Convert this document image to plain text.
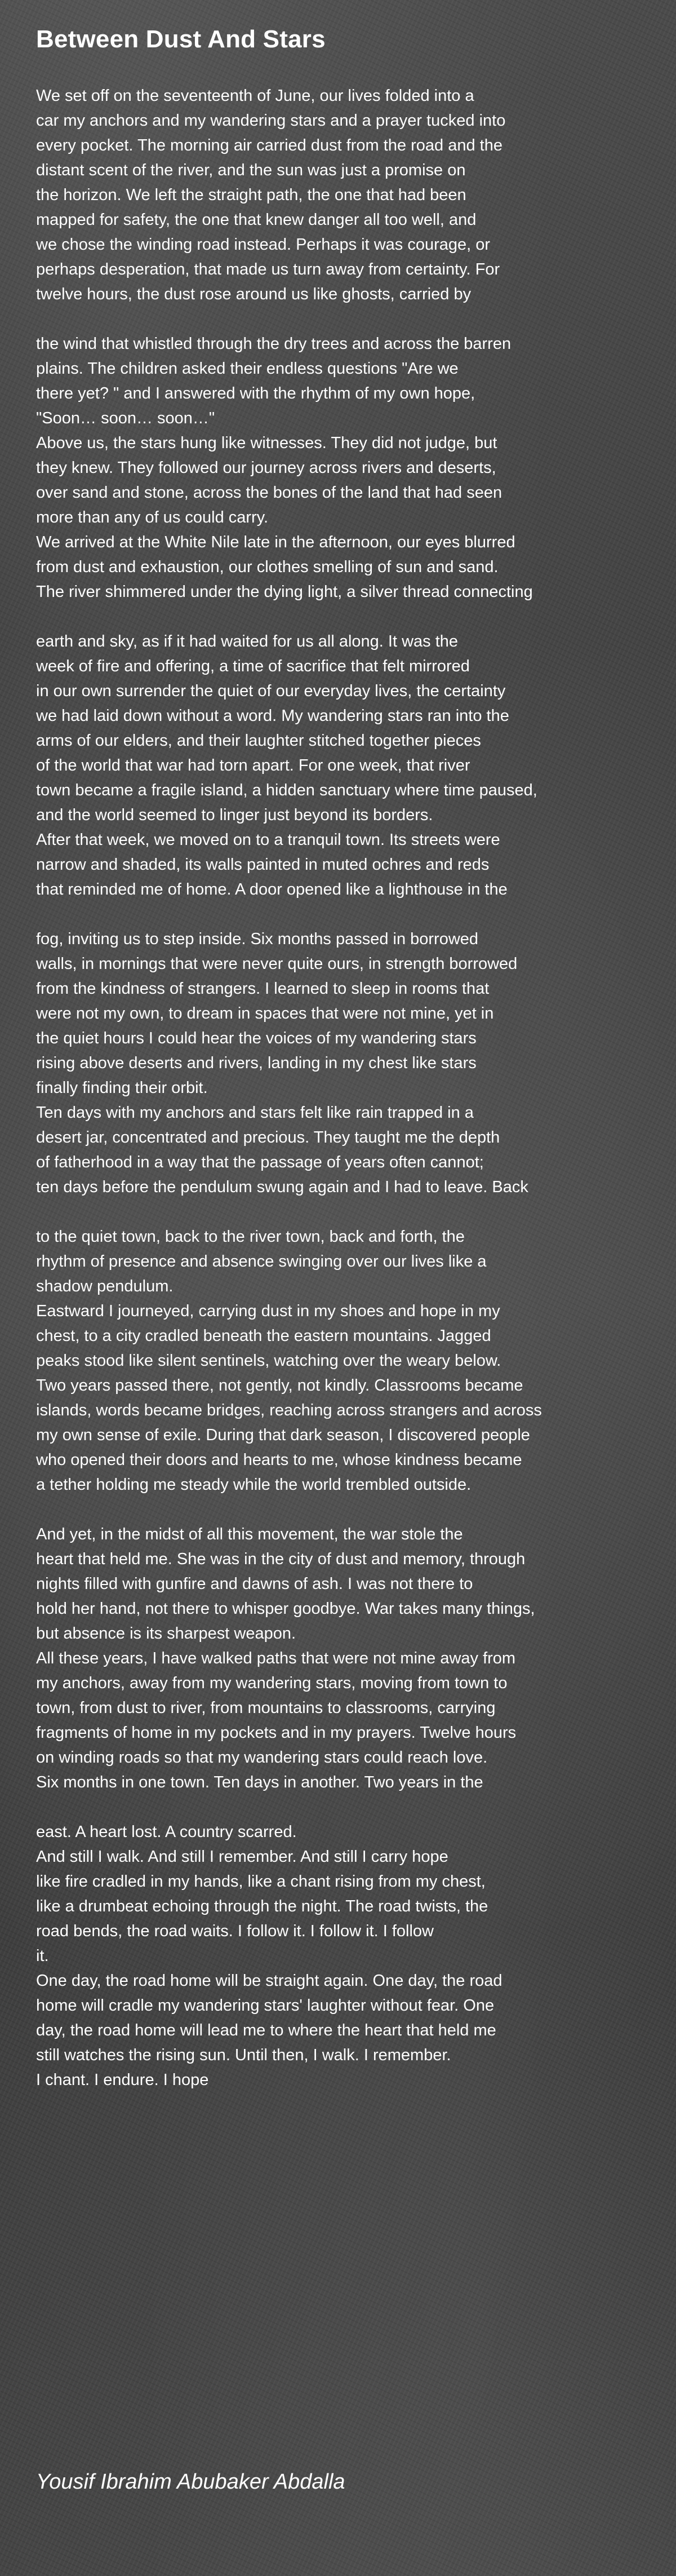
Between Dust And Stars
We set off on the seventeenth of June, our lives folded into a
car my anchors and my wandering stars and a prayer tucked into
every pocket. The morning air carried dust from the road and the
distant scent of the river, and the sun was just a promise on
the horizon. We left the straight path, the one that had been
mapped for safety, the one that knew danger all too well, and
we chose the winding road instead. Perhaps it was courage, or
perhaps desperation, that made us turn away from certainty. For
twelve hours, the dust rose around us like ghosts, carried by
the wind that whistled through the dry trees and across the barren
plains. The children asked their endless questions "Are we
there yet? " and I answered with the rhythm of my own hope,
"Soon… soon… soon…"
Above us, the stars hung like witnesses. They did not judge, but
they knew. They followed our journey across rivers and deserts,
over sand and stone, across the bones of the land that had seen
more than any of us could carry.
We arrived at the White Nile late in the afternoon, our eyes blurred
from dust and exhaustion, our clothes smelling of sun and sand.
The river shimmered under the dying light, a silver thread connecting
earth and sky, as if it had waited for us all along. It was the
week of fire and offering, a time of sacrifice that felt mirrored
in our own surrender the quiet of our everyday lives, the certainty
we had laid down without a word. My wandering stars ran into the
arms of our elders, and their laughter stitched together pieces
of the world that war had torn apart. For one week, that river
town became a fragile island, a hidden sanctuary where time paused,
and the world seemed to linger just beyond its borders.
After that week, we moved on to a tranquil town. Its streets were
narrow and shaded, its walls painted in muted ochres and reds
that reminded me of home. A door opened like a lighthouse in the
fog, inviting us to step inside. Six months passed in borrowed
walls, in mornings that were never quite ours, in strength borrowed
from the kindness of strangers. I learned to sleep in rooms that
were not my own, to dream in spaces that were not mine, yet in
the quiet hours I could hear the voices of my wandering stars
rising above deserts and rivers, landing in my chest like stars
finally finding their orbit.
Ten days with my anchors and stars felt like rain trapped in a
desert jar, concentrated and precious. They taught me the depth
of fatherhood in a way that the passage of years often cannot;
ten days before the pendulum swung again and I had to leave. Back
to the quiet town, back to the river town, back and forth, the
rhythm of presence and absence swinging over our lives like a
shadow pendulum.
Eastward I journeyed, carrying dust in my shoes and hope in my
chest, to a city cradled beneath the eastern mountains. Jagged
peaks stood like silent sentinels, watching over the weary below.
Two years passed there, not gently, not kindly. Classrooms became
islands, words became bridges, reaching across strangers and across
my own sense of exile. During that dark season, I discovered people
who opened their doors and hearts to me, whose kindness became
a tether holding me steady while the world trembled outside.
And yet, in the midst of all this movement, the war stole the
heart that held me. She was in the city of dust and memory, through
nights filled with gunfire and dawns of ash. I was not there to
hold her hand, not there to whisper goodbye. War takes many things,
but absence is its sharpest weapon.
All these years, I have walked paths that were not mine away from
my anchors, away from my wandering stars, moving from town to
town, from dust to river, from mountains to classrooms, carrying
fragments of home in my pockets and in my prayers. Twelve hours
on winding roads so that my wandering stars could reach love.
Six months in one town. Ten days in another. Two years in the
east. A heart lost. A country scarred.
And still I walk. And still I remember. And still I carry hope
like fire cradled in my hands, like a chant rising from my chest,
like a drumbeat echoing through the night. The road twists, the
road bends, the road waits. I follow it. I follow it. I follow
it.
One day, the road home will be straight again. One day, the road
home will cradle my wandering stars' laughter without fear. One
day, the road home will lead me to where the heart that held me
still watches the rising sun. Until then, I walk. I remember.
I chant. I endure. I hope
Yousif Ibrahim Abubaker Abdalla
